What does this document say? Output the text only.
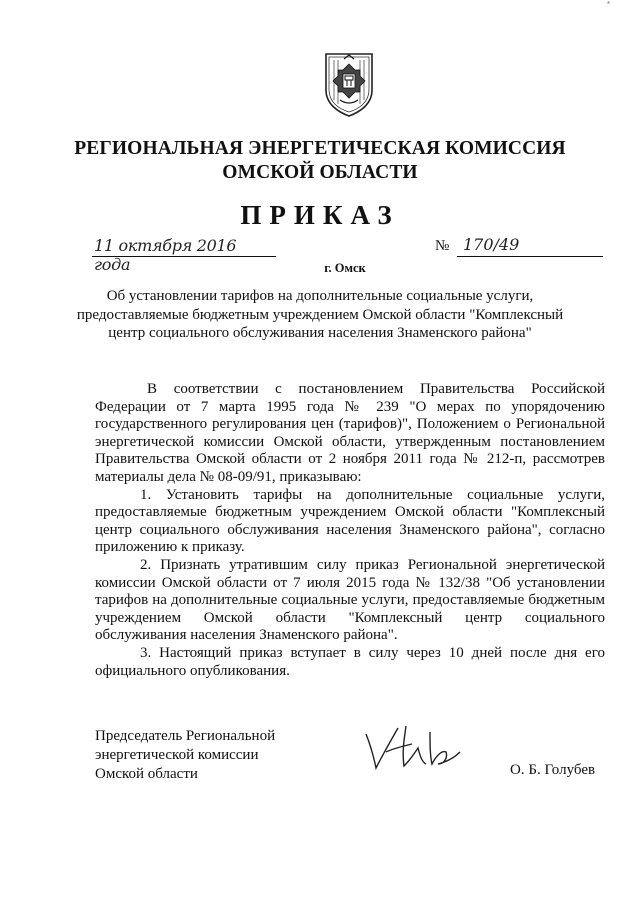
*
РЕГИОНАЛЬНАЯ ЭНЕРГЕТИЧЕСКАЯ КОМИССИЯ
ОМСКОЙ ОБЛАСТИ
ПРИКАЗ
11 октября 2016 года
№ 170/49
г. Омск
Об установлении тарифов на дополнительные социальные услуги, предоставляемые бюджетным учреждением Омской области "Комплексный центр социального обслуживания населения Знаменского района"

В соответствии с постановлением Правительства Российской Федерации от 7 марта 1995 года № 239 "О мерах по упорядочению государственного регулирования цен (тарифов)", Положением о Региональной энергетической комиссии Омской области, утвержденным постановлением Правительства Омской области от 2 ноября 2011 года № 212-п, рассмотрев материалы дела № 08-09/91, приказываю:

1. Установить тарифы на дополнительные социальные услуги, предоставляемые бюджетным учреждением Омской области "Комплексный центр социального обслуживания населения Знаменского района", согласно приложению к приказу.

2. Признать утратившим силу приказ Региональной энергетической комиссии Омской области от 7 июля 2015 года № 132/38 "Об установлении тарифов на дополнительные социальные услуги, предоставляемые бюджетным учреждением Омской области "Комплексный центр социального обслуживания населения Знаменского района".

3. Настоящий приказ вступает в силу через 10 дней после дня его официального опубликования.

Председатель Региональной
энергетической комиссии
Омской области	О. Б. Голубев
